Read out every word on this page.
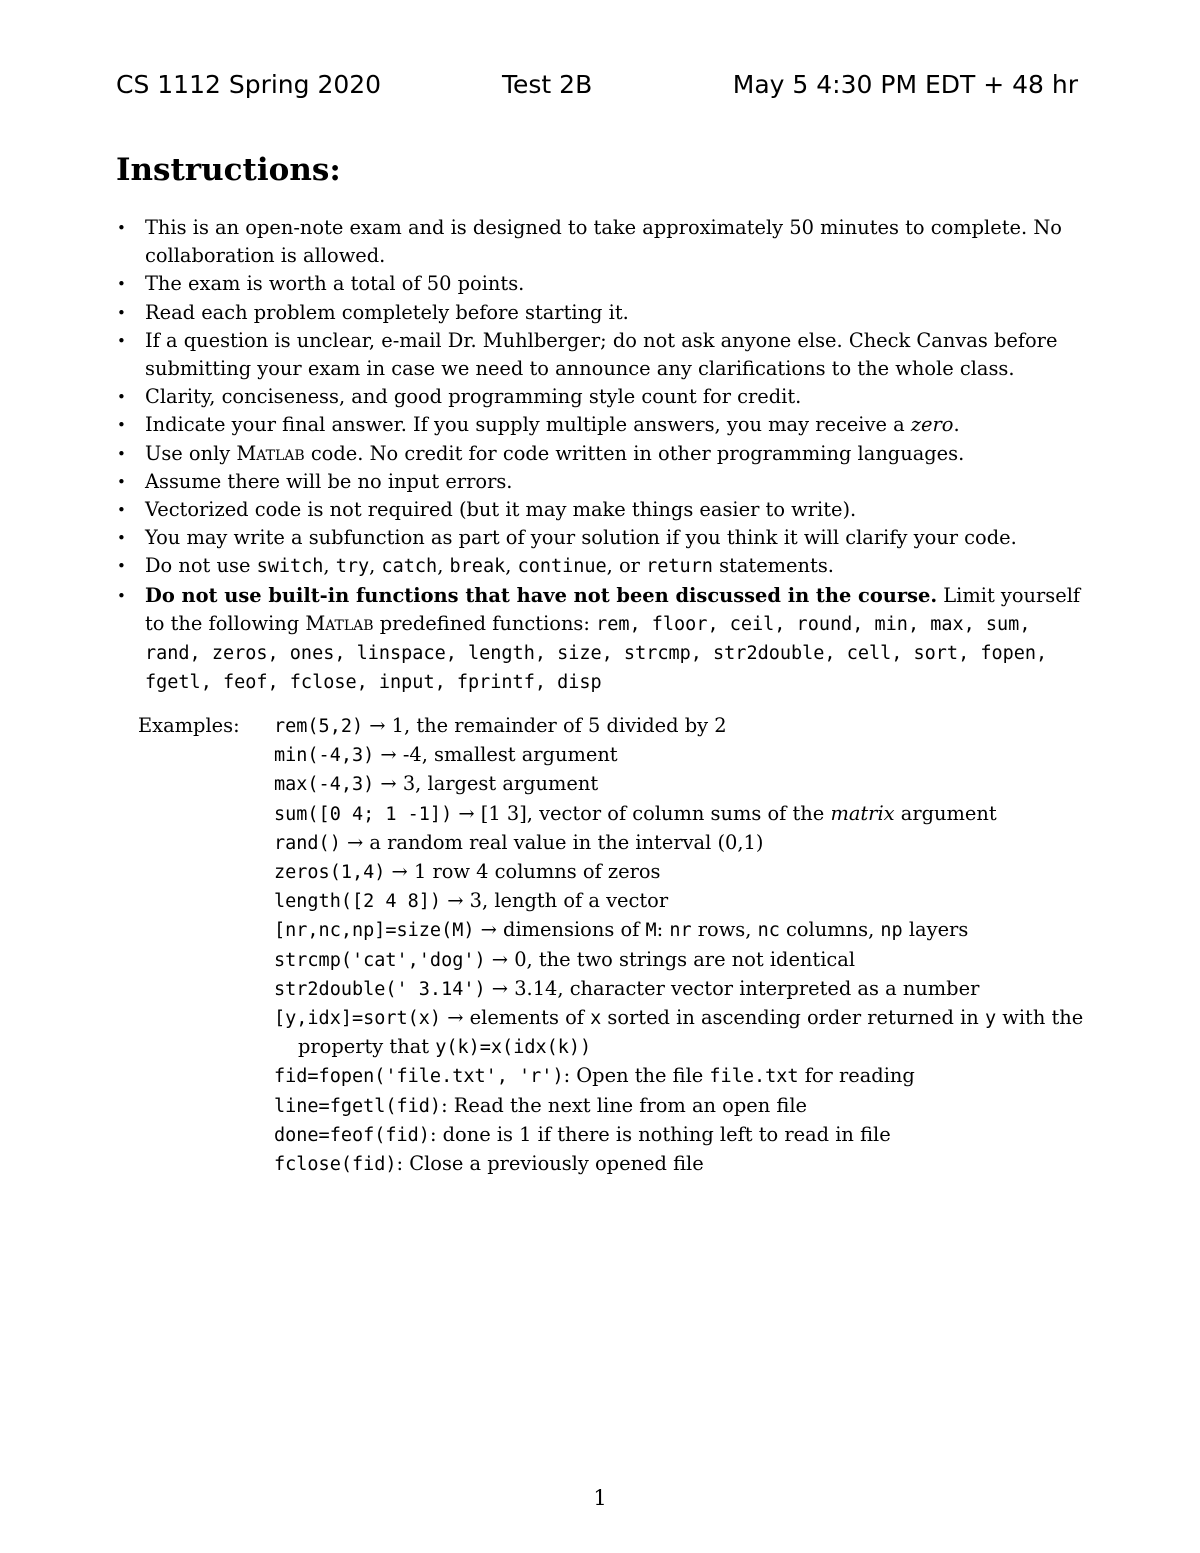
CS 1112 Spring 2020	Test 2B	May 5 4:30 PM EDT + 48 hr
Instructions:
• This is an open-note exam and is designed to take approximately 50 minutes to complete. No collaboration is allowed.
• The exam is worth a total of 50 points.
• Read each problem completely before starting it.
• If a question is unclear, e-mail Dr. Muhlberger; do not ask anyone else. Check Canvas before submitting your exam in case we need to announce any clarifications to the whole class.
• Clarity, conciseness, and good programming style count for credit.
• Indicate your final answer. If you supply multiple answers, you may receive a zero.
• Use only Matlab code. No credit for code written in other programming languages.
• Assume there will be no input errors.
• Vectorized code is not required (but it may make things easier to write).
• You may write a subfunction as part of your solution if you think it will clarify your code.
• Do not use switch, try, catch, break, continue, or return statements.
• Do not use built-in functions that have not been discussed in the course. Limit yourself to the following Matlab predefined functions: rem, floor, ceil, round, min, max, sum, rand, zeros, ones, linspace, length, size, strcmp, str2double, cell, sort, fopen, fgetl, feof, fclose, input, fprintf, disp
Examples: rem(5,2) → 1, the remainder of 5 divided by 2
min(-4,3) → -4, smallest argument
max(-4,3) → 3, largest argument
sum([0 4; 1 -1]) → [1 3], vector of column sums of the matrix argument
rand() → a random real value in the interval (0,1)
zeros(1,4) → 1 row 4 columns of zeros
length([2 4 8]) → 3, length of a vector
[nr,nc,np]=size(M) → dimensions of M: nr rows, nc columns, np layers
strcmp('cat','dog') → 0, the two strings are not identical
str2double(' 3.14') → 3.14, character vector interpreted as a number
[y,idx]=sort(x) → elements of x sorted in ascending order returned in y with the property that y(k)=x(idx(k))
fid=fopen('file.txt', 'r'): Open the file file.txt for reading
line=fgetl(fid): Read the next line from an open file
done=feof(fid): done is 1 if there is nothing left to read in file
fclose(fid): Close a previously opened file
1
